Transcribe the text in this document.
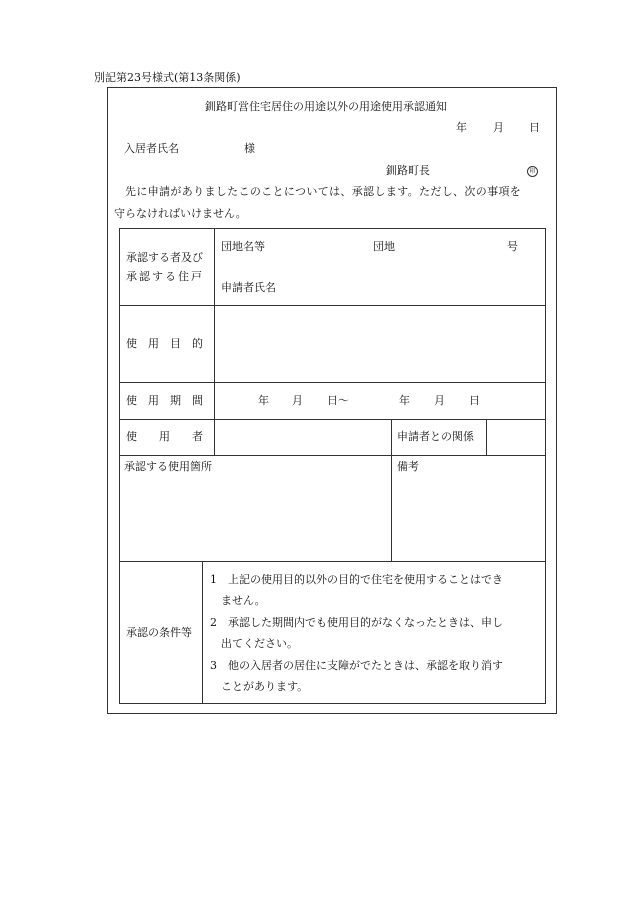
別記第23号様式(第13条関係)
釧路町営住宅居住の用途以外の用途使用承認通知
年 月 日
入居者氏名	様
釧路町長	印
先に申請がありましたこのことについては、承認します。ただし、次の事項を
守らなければいけません。
承認する者及び
承認する住戸
団地名等	団地	号
申請者氏名
使　用　目　的
使　用　期　間	年 月 日〜	年 月 日
使　　用　　者	申請者との関係
承認する使用箇所	備考
承認の条件等
1　上記の使用目的以外の目的で住宅を使用することはでき
ません。
2　承認した期間内でも使用目的がなくなったときは、申し
出てください。
3　他の入居者の居住に支障がでたときは、承認を取り消す
ことがあります。
